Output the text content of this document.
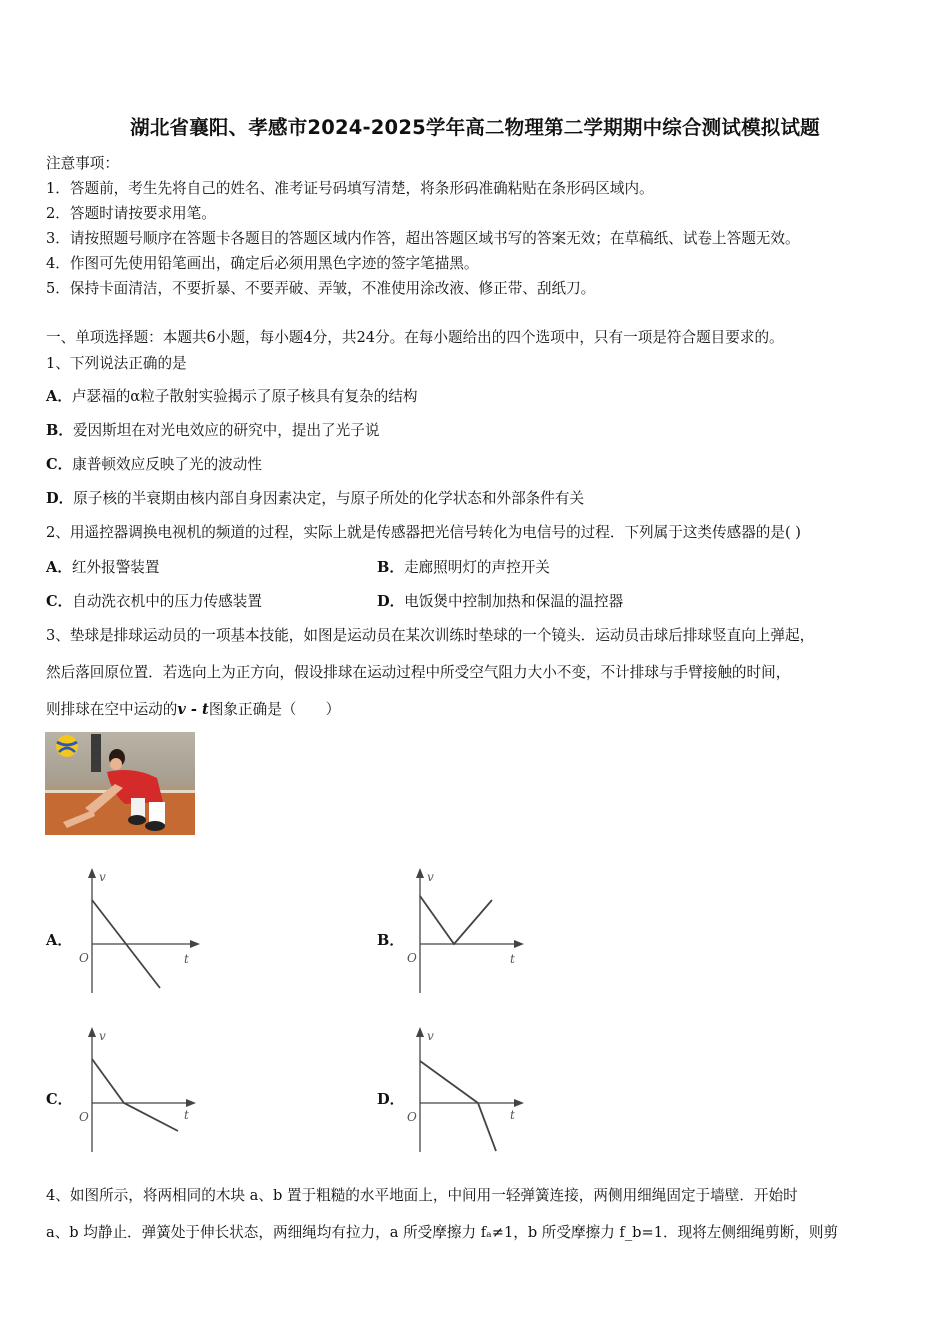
湖北省襄阳、孝感市2024-2025学年高二物理第二学期期中综合测试模拟试题
注意事项：
1．答题前，考生先将自己的姓名、准考证号码填写清楚，将条形码准确粘贴在条形码区域内。
2．答题时请按要求用笔。
3．请按照题号顺序在答题卡各题目的答题区域内作答，超出答题区域书写的答案无效；在草稿纸、试卷上答题无效。
4．作图可先使用铅笔画出，确定后必须用黑色字迹的签字笔描黑。
5．保持卡面清洁，不要折暴、不要弄破、弄皱，不准使用涂改液、修正带、刮纸刀。
一、单项选择题：本题共6小题，每小题4分，共24分。在每小题给出的四个选项中，只有一项是符合题目要求的。
1、下列说法正确的是
A．卢瑟福的α粒子散射实验揭示了原子核具有复杂的结构
B．爱因斯坦在对光电效应的研究中，提出了光子说
C．康普顿效应反映了光的波动性
D．原子核的半衰期由核内部自身因素决定，与原子所处的化学状态和外部条件有关
2、用遥控器调换电视机的频道的过程，实际上就是传感器把光信号转化为电信号的过程．下列属于这类传感器的是( )
A．红外报警装置	B．走廊照明灯的声控开关
C．自动洗衣机中的压力传感装置	D．电饭煲中控制加热和保温的温控器
3、垫球是排球运动员的一项基本技能，如图是运动员在某次训练时垫球的一个镜头．运动员击球后排球竖直向上弹起，
然后落回原位置．若选向上为正方向，假设排球在运动过程中所受空气阻力大小不变，不计排球与手臂接触的时间，
则排球在空中运动的v - t图象正确是（　　）
A．
v
O	t
B．
v
O	t
C．
v
O	t
D．
v
O	t
4、如图所示，将两相同的木块 a、b 置于粗糙的水平地面上，中间用一轻弹簧连接，两侧用细绳固定于墙壁．开始时
a、b 均静止．弹簧处于伸长状态，两细绳均有拉力，a 所受摩擦力 fₐ≠1，b 所受摩擦力 f_b=1．现将左侧细绳剪断，则剪
